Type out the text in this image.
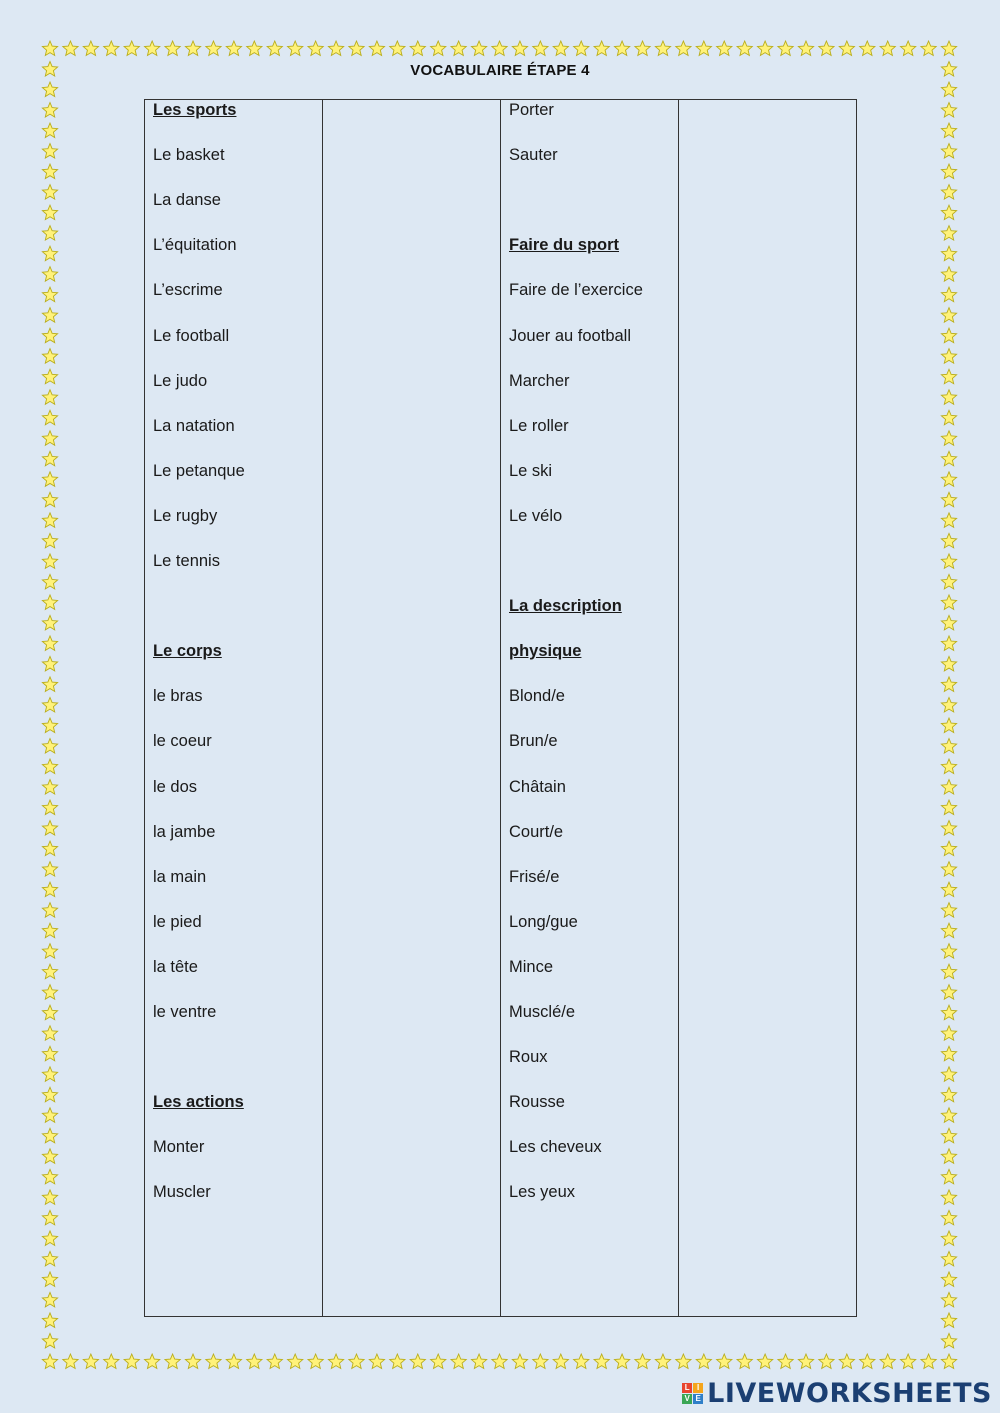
VOCABULAIRE ÉTAPE 4
Les sports
Le basket
La danse
L’équitation
L’escrime
Le football
Le judo
La natation
Le petanque
Le rugby
Le tennis
Le corps
le bras
le coeur
le dos
la jambe
la main
le pied
la tête
le ventre
Les actions
Monter
Muscler
Porter
Sauter
Faire du sport
Faire de l’exercice
Jouer au football
Marcher
Le roller
Le ski
Le vélo
La description
physique
Blond/e
Brun/e
Châtain
Court/e
Frisé/e
Long/gue
Mince
Musclé/e
Roux
Rousse
Les cheveux
Les yeux
L I
V E LIVEWORKSHEETS
